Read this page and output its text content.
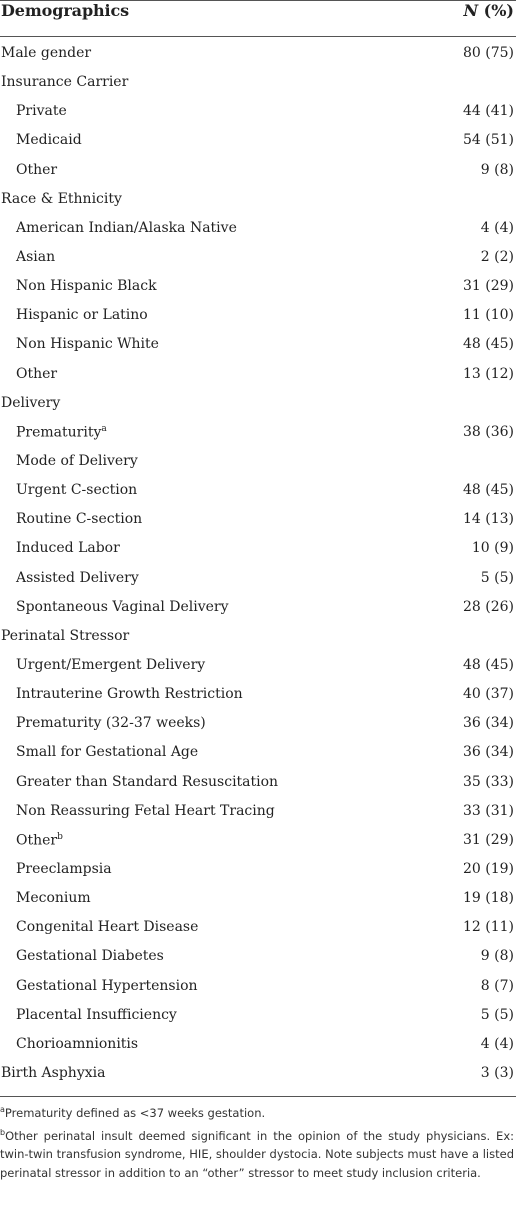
Demographics	N (%)
Male gender	80 (75)
Insurance Carrier
Private	44 (41)
Medicaid	54 (51)
Other	9 (8)
Race & Ethnicity
American Indian/Alaska Native	4 (4)
Asian	2 (2)
Non Hispanic Black	31 (29)
Hispanic or Latino	11 (10)
Non Hispanic White	48 (45)
Other	13 (12)
Delivery
Prematurity$^a$	38 (36)
Mode of Delivery
Urgent C-section	48 (45)
Routine C-section	14 (13)
Induced Labor	10 (9)
Assisted Delivery	5 (5)
Spontaneous Vaginal Delivery	28 (26)
Perinatal Stressor
Urgent/Emergent Delivery	48 (45)
Intrauterine Growth Restriction	40 (37)
Prematurity (32-37 weeks)	36 (34)
Small for Gestational Age	36 (34)
Greater than Standard Resuscitation	35 (33)
Non Reassuring Fetal Heart Tracing	33 (31)
Other$^b$	31 (29)
Preeclampsia	20 (19)
Meconium	19 (18)
Congenital Heart Disease	12 (11)
Gestational Diabetes	9 (8)
Gestational Hypertension	8 (7)
Placental Insufficiency	5 (5)
Chorioamnionitis	4 (4)
Birth Asphyxia	3 (3)
$^a$Prematurity defined as <37 weeks gestation.
$^b$Other perinatal insult deemed significant in the opinion of the study physicians. Ex: twin-twin transfusion syndrome, HIE, shoulder dystocia. Note subjects must have a listed perinatal stressor in addition to an “other” stressor to meet study inclusion criteria.
